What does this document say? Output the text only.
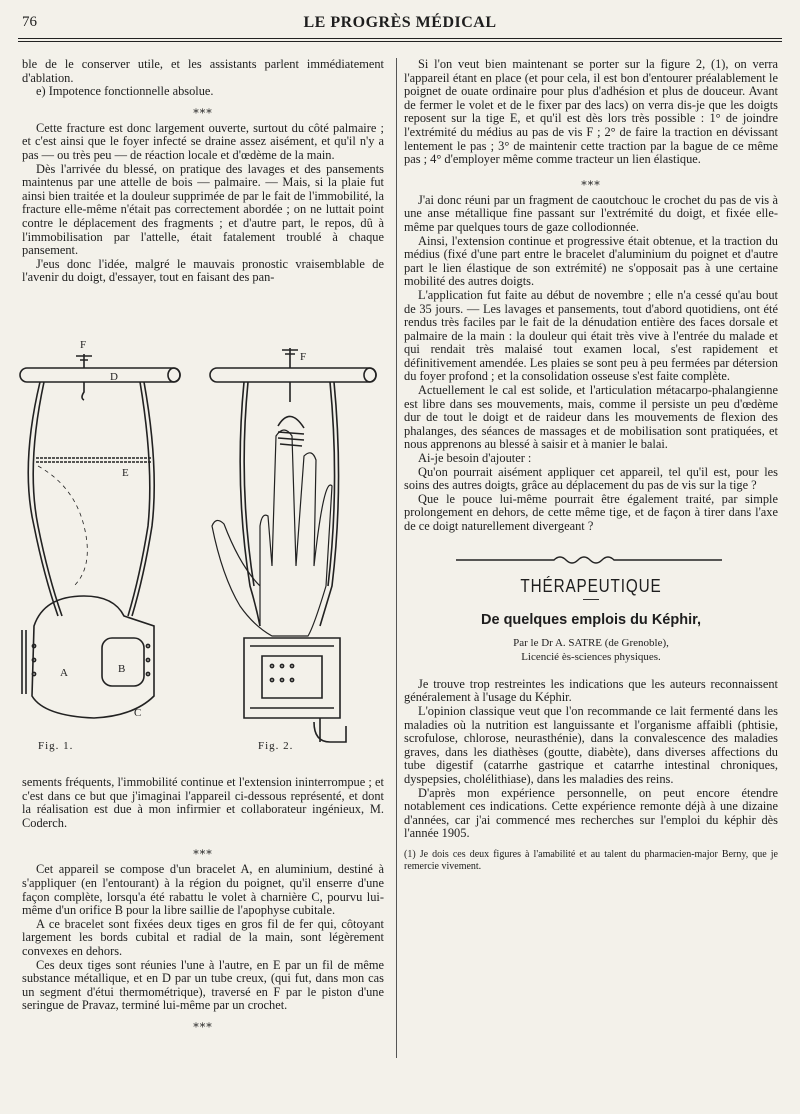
76	LE PROGRÈS MÉDICAL

ble de le conserver utile, et les assistants parlent immédiatement d'ablation.

e) Impotence fonctionnelle absolue.

⁎⁎⁎

Cette fracture est donc largement ouverte, surtout du côté palmaire ; et c'est ainsi que le foyer infecté se draine assez aisément, et qu'il n'y a pas — ou très peu — de réaction locale et d'œdème de la main.

Dès l'arrivée du blessé, on pratique des lavages et des pansements maintenus par une attelle de bois — palmaire. — Mais, si la plaie fut ainsi bien traitée et la douleur supprimée de par le fait de l'immobilité, la fracture elle-même n'était pas correctement abordée ; on ne luttait point contre le déplacement des fragments ; et d'autre part, le repos, dû à l'immobilisation par l'attelle, était fatalement troublé à chaque pansement.

J'eus donc l'idée, malgré le mauvais pronostic vraisemblable de l'avenir du doigt, d'essayer, tout en faisant des pan-

F
D
E
A	B
C
F
Fig. 1.	Fig. 2.

sements fréquents, l'immobilité continue et l'extension ininterrompue ; et c'est dans ce but que j'imaginai l'appareil ci-dessous représenté, et dont la réalisation est due à mon infirmier et collaborateur ingénieux, M. Coderch.

⁎⁎⁎

Cet appareil se compose d'un bracelet A, en aluminium, destiné à s'appliquer (en l'entourant) à la région du poignet, qu'il enserre d'une façon complète, lorsqu'a été rabattu le volet à charnière C, pourvu lui-même d'un orifice B pour la libre saillie de l'apophyse cubitale.

A ce bracelet sont fixées deux tiges en gros fil de fer qui, côtoyant largement les bords cubital et radial de la main, sont légèrement convexes en dehors.

Ces deux tiges sont réunies l'une à l'autre, en E par un fil de même substance métallique, et en D par un tube creux, (qui fut, dans mon cas un segment d'étui thermométrique), traversé en F par le piston d'une seringue de Pravaz, terminé lui-même par un crochet.

⁎⁎⁎

Si l'on veut bien maintenant se porter sur la figure 2, (1), on verra l'appareil étant en place (et pour cela, il est bon d'entourer préalablement le poignet de ouate ordinaire pour plus d'adhésion et plus de douceur. Avant de fermer le volet et de le fixer par des lacs) on verra dis-je que les doigts reposent sur la tige E, et qu'il est dès lors très possible : 1° de joindre l'extrémité du médius au pas de vis F ; 2° de faire la traction en dévissant lentement le pas ; 3° de maintenir cette traction par la bague de ce même pas ; 4° d'employer même comme tracteur un lien élastique.

⁎⁎⁎

J'ai donc réuni par un fragment de caoutchouc le crochet du pas de vis à une anse métallique fine passant sur l'extrémité du doigt, et fixée elle-même par quelques tours de gaze collodionnée.

Ainsi, l'extension continue et progressive était obtenue, et la traction du médius (fixé d'une part entre le bracelet d'aluminium du poignet et d'autre part le lien élastique de son extrémité) ne s'opposait pas à une certaine mobilité des autres doigts.

L'application fut faite au début de novembre ; elle n'a cessé qu'au bout de 35 jours. — Les lavages et pansements, tout d'abord quotidiens, ont été rendus très faciles par le fait de la dénudation entière des faces dorsale et palmaire de la main : la douleur qui était très vive à l'entrée du malade et qui rendait très malaisé tout examen local, s'est rapidement et définitivement amendée. Les plaies se sont peu à peu fermées par détersion du foyer profond ; et la consolidation osseuse s'est faite complète.

Actuellement le cal est solide, et l'articulation métacarpo-phalangienne est libre dans ses mouvements, mais, comme il persiste un peu d'œdème dur de tout le doigt et de raideur dans les mouvements de flexion des phalanges, des séances de massages et de mobilisation sont pratiquées, et nous apprenons au blessé à saisir et à manier le balai.

Ai-je besoin d'ajouter :

Qu'on pourrait aisément appliquer cet appareil, tel qu'il est, pour les soins des autres doigts, grâce au déplacement du pas de vis sur la tige ?

Que le pouce lui-même pourrait être également traité, par simple prolongement en dehors, de cette même tige, et de façon à tirer dans l'axe de ce doigt naturellement divergeant ?

THÉRAPEUTIQUE
De quelques emplois du Képhir,
Par le Dr A. SATRE (de Grenoble),
Licencié ès-sciences physiques.

Je trouve trop restreintes les indications que les auteurs reconnaissent généralement à l'usage du Képhir.

L'opinion classique veut que l'on recommande ce lait fermenté dans les maladies où la nutrition est languissante et l'organisme affaibli (phtisie, scrofulose, chlorose, neurasthénie), dans la convalescence des maladies graves, dans les diathèses (goutte, diabète), dans diverses affections du tube digestif (catarrhe gastrique et catarrhe intestinal chroniques, dyspepsies, cholélithiase), dans les maladies des reins.

D'après mon expérience personnelle, on peut encore étendre notablement ces indications. Cette expérience remonte déjà à une dizaine d'années, car j'ai commencé mes recherches sur l'emploi du képhir dès l'année 1905.

(1) Je dois ces deux figures à l'amabilité et au talent du pharmacien-major Berny, que je remercie vivement.
